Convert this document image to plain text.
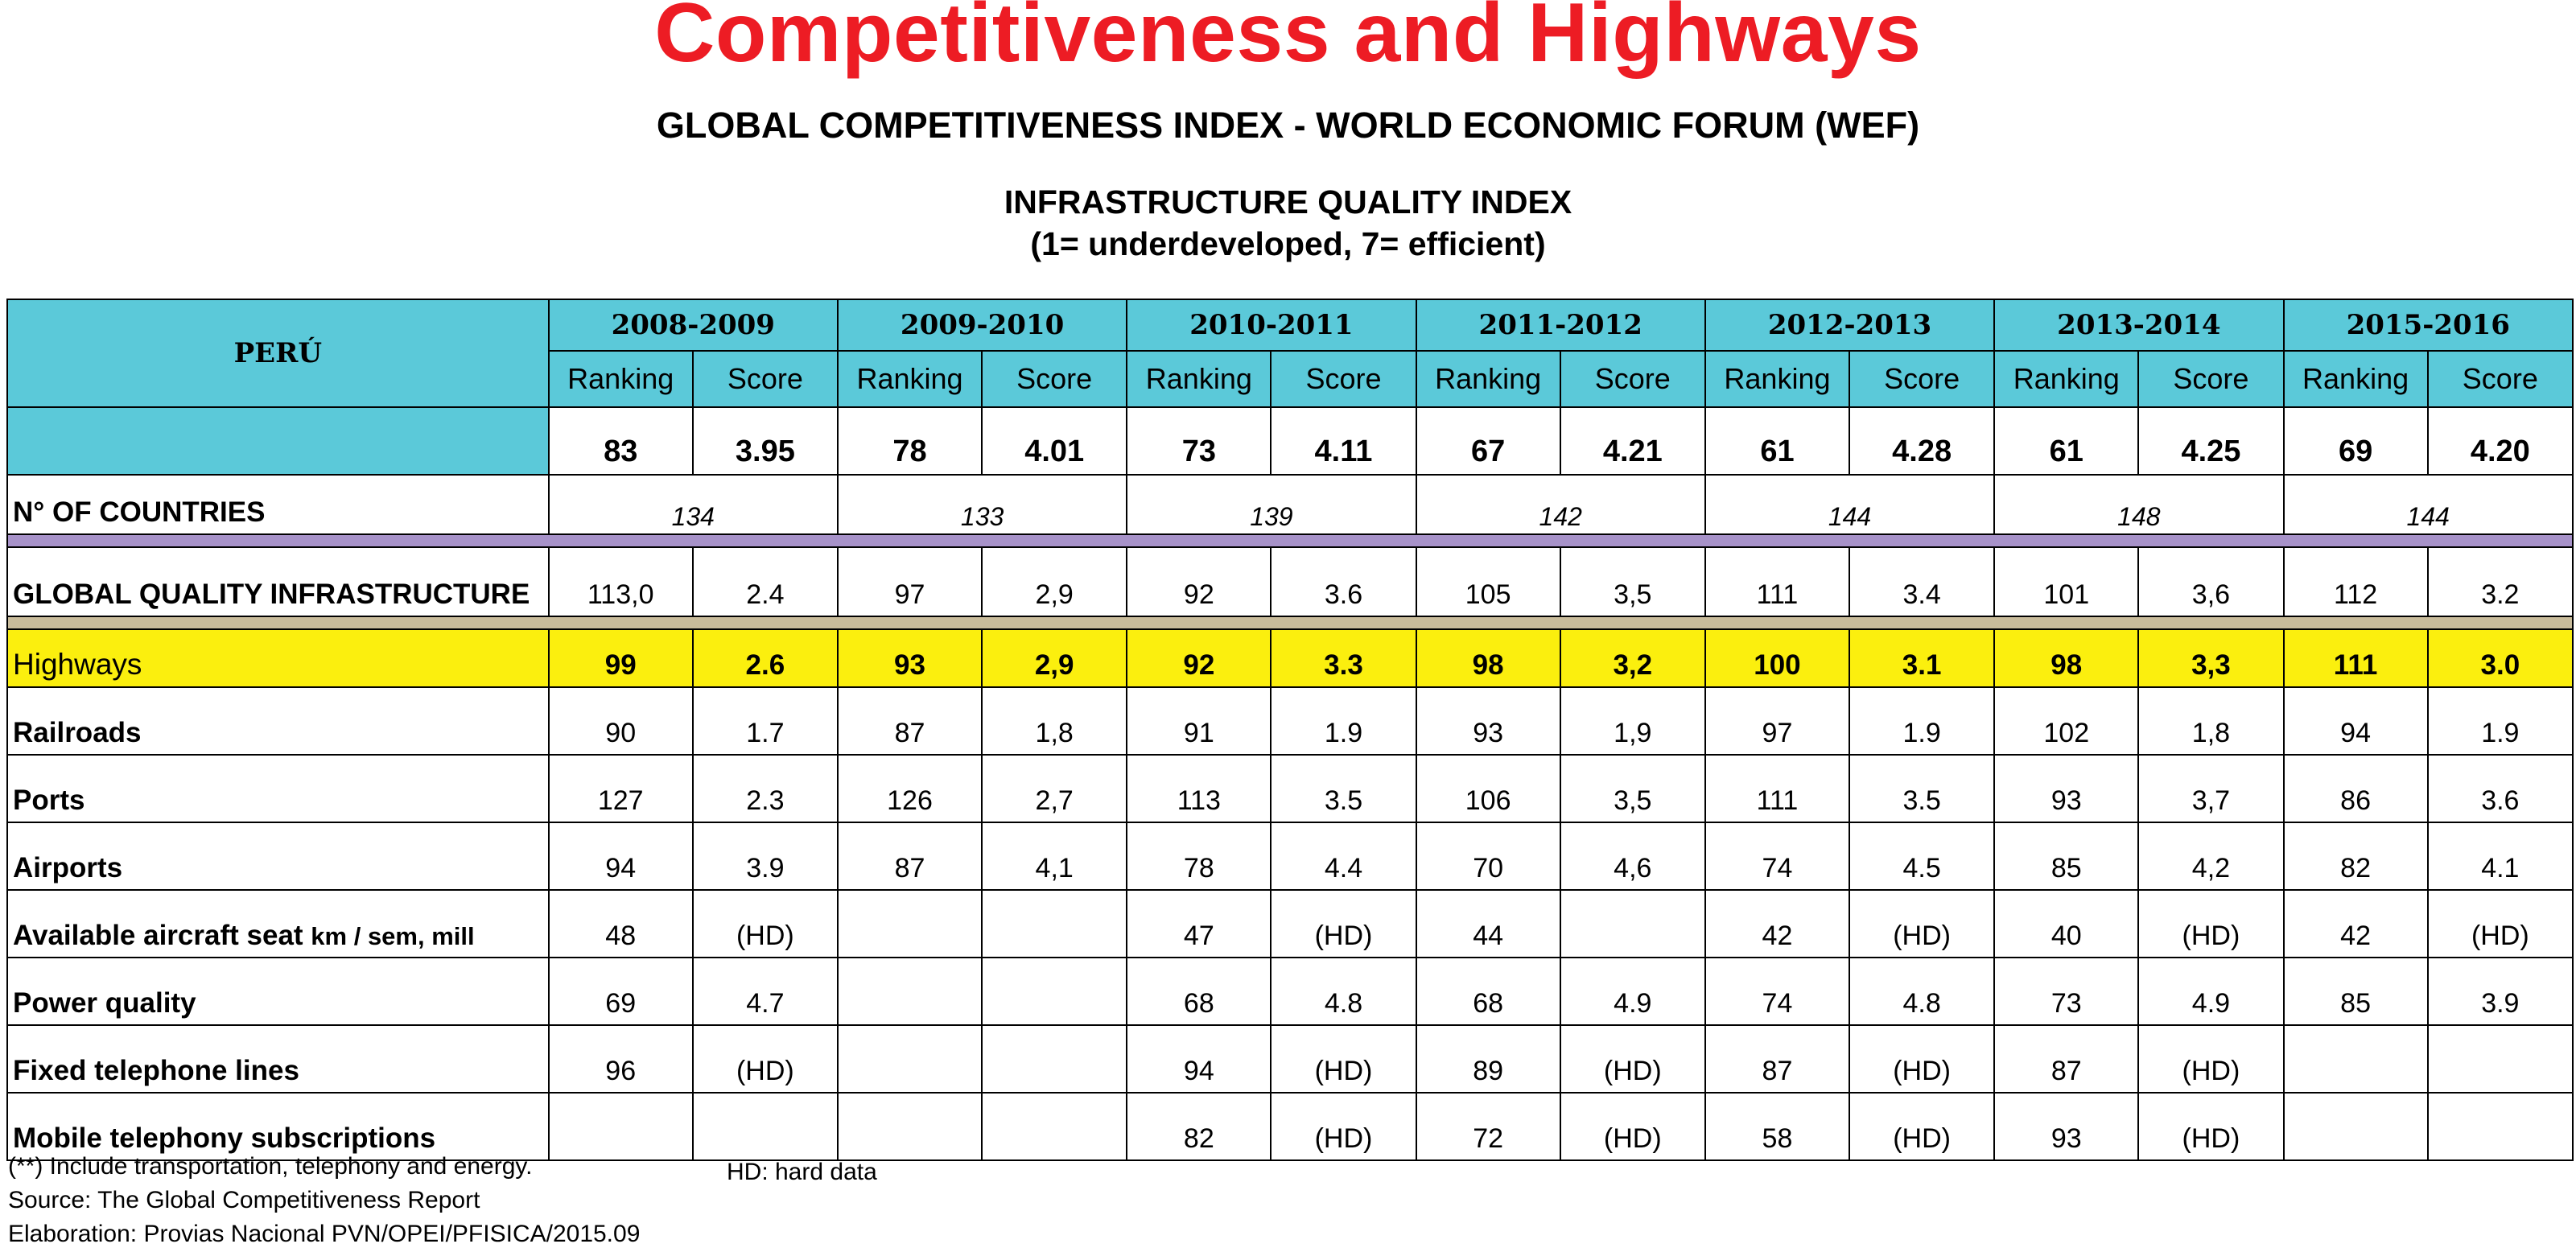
Competitiveness and Highways
GLOBAL COMPETITIVENESS INDEX - WORLD ECONOMIC FORUM (WEF)
INFRASTRUCTURE QUALITY INDEX
(1= underdeveloped, 7= efficient)
PERÚ	2008-2009		2009-2010		2010-2011		2011-2012		2012-2013		2013-2014		2015-2016	
	Ranking	Score	Ranking	Score	Ranking	Score	Ranking	Score	Ranking	Score	Ranking	Score	Ranking	Score
	83	3.95	78	4.01	73	4.11	67	4.21	61	4.28	61	4.25	69	4.20
N° OF COUNTRIES	134		133		139		142		144		148		144	

GLOBAL QUALITY INFRASTRUCTURE	113,0	2.4	97	2,9	92	3.6	105	3,5	111	3.4	101	3,6	112	3.2

Highways	99	2.6	93	2,9	92	3.3	98	3,2	100	3.1	98	3,3	111	3.0
Railroads	90	1.7	87	1,8	91	1.9	93	1,9	97	1.9	102	1,8	94	1.9
Ports	127	2.3	126	2,7	113	3.5	106	3,5	111	3.5	93	3,7	86	3.6
Airports	94	3.9	87	4,1	78	4.4	70	4,6	74	4.5	85	4,2	82	4.1
Available aircraft seat km / sem, mill	48	(HD)			47	(HD)	44		42	(HD)	40	(HD)	42	(HD)
Power quality	69	4.7			68	4.8	68	4.9	74	4.8	73	4.9	85	3.9
Fixed telephone lines	96	(HD)			94	(HD)	89	(HD)	87	(HD)	87	(HD)		
Mobile telephony subscriptions					82	(HD)	72	(HD)	58	(HD)	93	(HD)		
(**) Include transportation, telephony and energy.	HD: hard data
Source: The Global Competitiveness Report
Elaboration: Provias Nacional PVN/OPEI/PFISICA/2015.09
